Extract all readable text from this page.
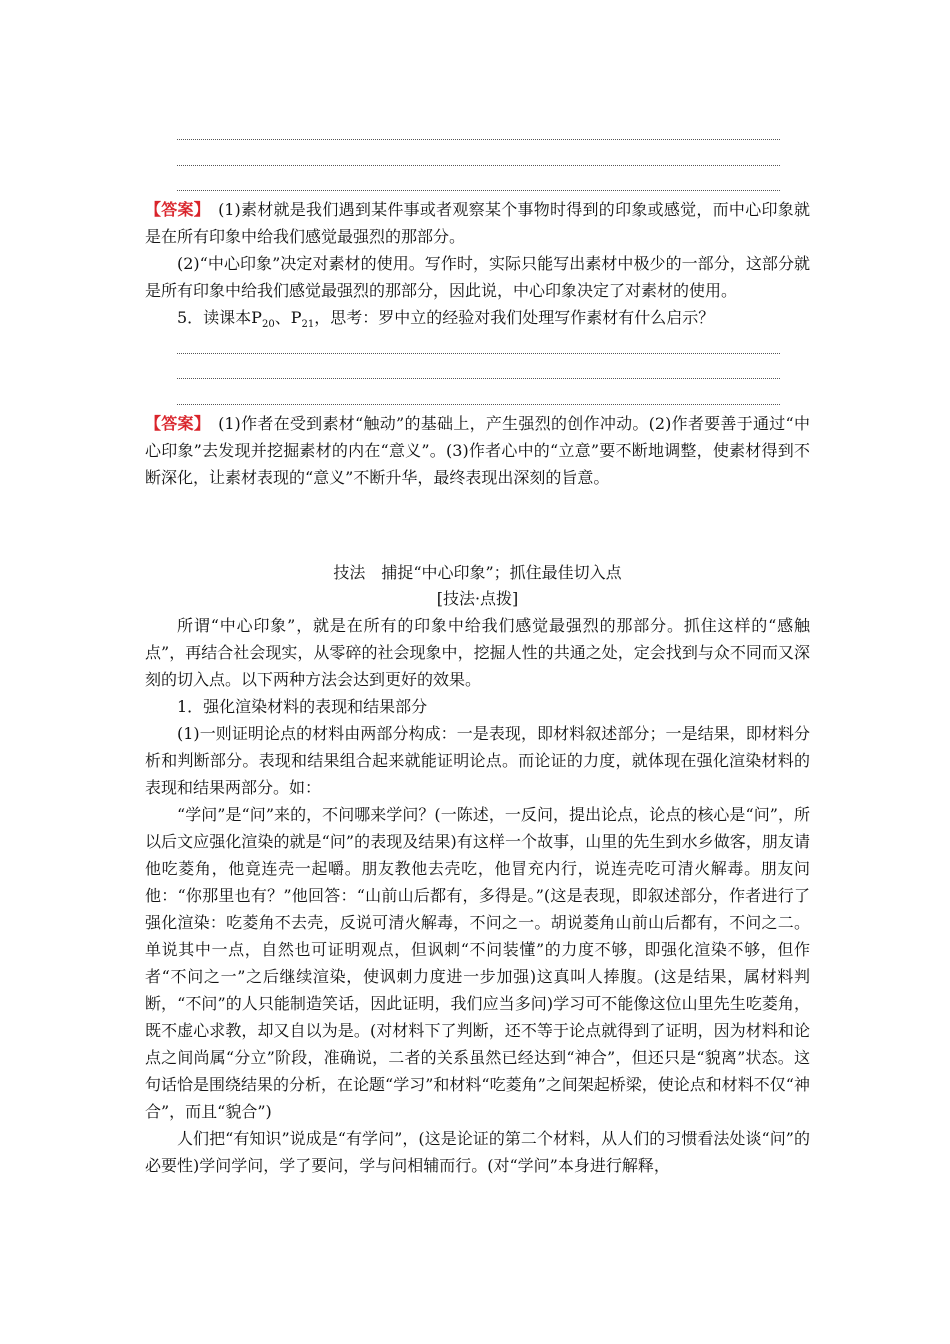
【答案】 (1)素材就是我们遇到某件事或者观察某个事物时得到的印象或感觉，而中心印象就是在所有印象中给我们感觉最强烈的那部分。

(2)“中心印象”决定对素材的使用。写作时，实际只能写出素材中极少的一部分，这部分就是所有印象中给我们感觉最强烈的那部分，因此说，中心印象决定了对素材的使用。

5．读课本$P_{20}$、$P_{21}$，思考：罗中立的经验对我们处理写作素材有什么启示？

【答案】 (1)作者在受到素材“触动”的基础上，产生强烈的创作冲动。(2)作者要善于通过“中心印象”去发现并挖掘素材的内在“意义”。(3)作者心中的“立意”要不断地调整，使素材得到不断深化，让素材表现的“意义”不断升华，最终表现出深刻的旨意。

技法　捕捉“中心印象”；抓住最佳切入点

[技法·点拨]

所谓“中心印象”，就是在所有的印象中给我们感觉最强烈的那部分。抓住这样的“感触点”，再结合社会现实，从零碎的社会现象中，挖掘人性的共通之处，定会找到与众不同而又深刻的切入点。以下两种方法会达到更好的效果。

1．强化渲染材料的表现和结果部分

(1)一则证明论点的材料由两部分构成：一是表现，即材料叙述部分；一是结果，即材料分析和判断部分。表现和结果组合起来就能证明论点。而论证的力度，就体现在强化渲染材料的表现和结果两部分。如：

“学问”是“问”来的，不问哪来学问？(一陈述，一反问，提出论点，论点的核心是“问”，所以后文应强化渲染的就是“问”的表现及结果)有这样一个故事，山里的先生到水乡做客，朋友请他吃菱角，他竟连壳一起嚼。朋友教他去壳吃，他冒充内行，说连壳吃可清火解毒。朋友问他：“你那里也有？”他回答：“山前山后都有，多得是。”(这是表现，即叙述部分，作者进行了强化渲染：吃菱角不去壳，反说可清火解毒，不问之一。胡说菱角山前山后都有，不问之二。单说其中一点，自然也可证明观点，但讽刺“不问装懂”的力度不够，即强化渲染不够，但作者“不问之一”之后继续渲染，使讽刺力度进一步加强)这真叫人捧腹。(这是结果，属材料判断，“不问”的人只能制造笑话，因此证明，我们应当多问)学习可不能像这位山里先生吃菱角，既不虚心求教，却又自以为是。(对材料下了判断，还不等于论点就得到了证明，因为材料和论点之间尚属“分立”阶段，准确说，二者的关系虽然已经达到“神合”，但还只是“貌离”状态。这句话恰是围绕结果的分析，在论题“学习”和材料“吃菱角”之间架起桥梁，使论点和材料不仅“神合”，而且“貌合”)

人们把“有知识”说成是“有学问”，(这是论证的第二个材料，从人们的习惯看法处谈“问”的必要性)学问学问，学了要问，学与问相辅而行。(对“学问”本身进行解释，
